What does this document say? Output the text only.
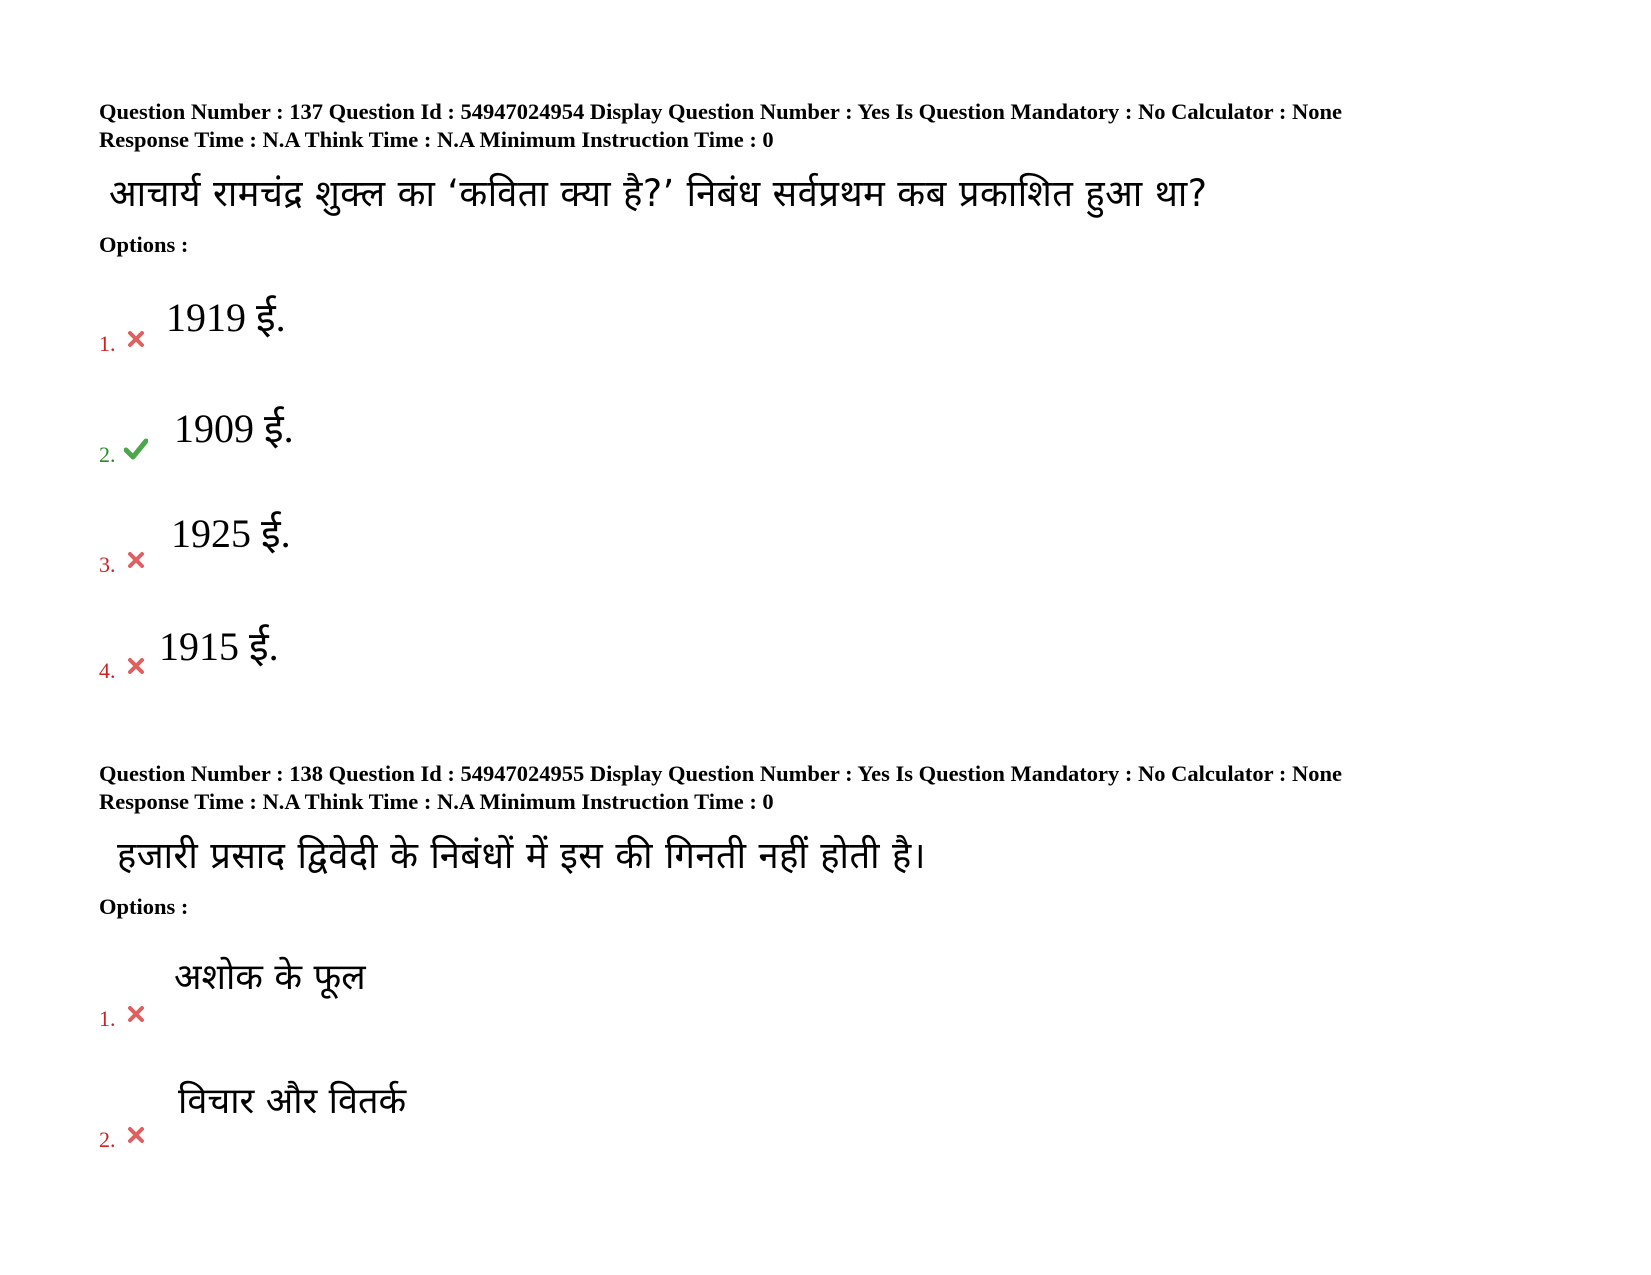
Question Number : 137 Question Id : 54947024954 Display Question Number : Yes Is Question Mandatory : No Calculator : None
Response Time : N.A Think Time : N.A Minimum Instruction Time : 0
आचार्य रामचंद्र शुक्ल का ‘कविता क्या है?’ निबंध सर्वप्रथम कब प्रकाशित हुआ था?
Options :
1.
1919 ई.
2.
1909 ई.
3.
1925 ई.
4.
1915 ई.
Question Number : 138 Question Id : 54947024955 Display Question Number : Yes Is Question Mandatory : No Calculator : None
Response Time : N.A Think Time : N.A Minimum Instruction Time : 0
हजारी प्रसाद द्विवेदी के निबंधों में इस की गिनती नहीं होती है।
Options :
1.
अशोक के फूल
2.
विचार और वितर्क
